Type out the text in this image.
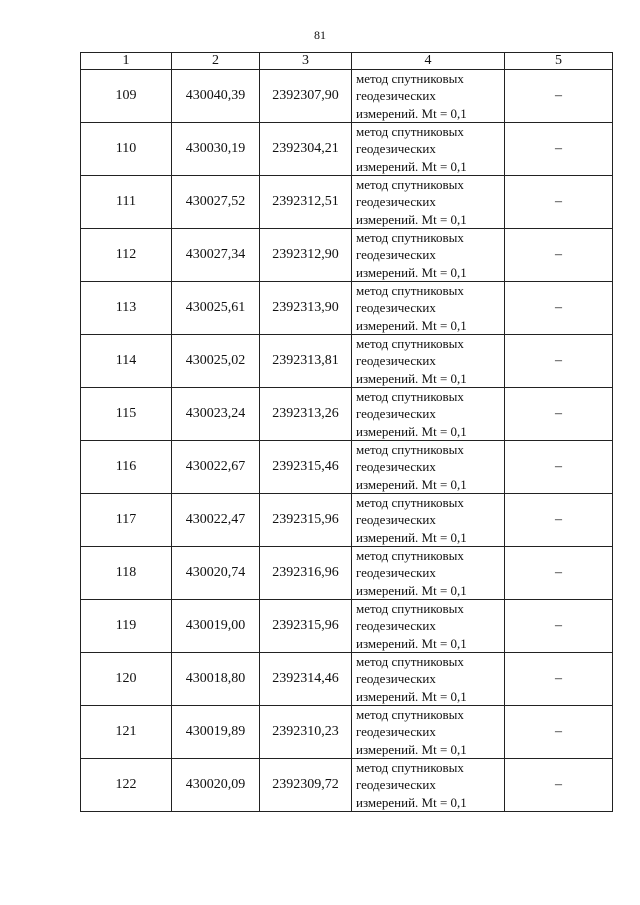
81
1	2	3	4	5
109	430040,39	2392307,90	метод спутниковых
геодезических
измерений. Mt = 0,1	–
110	430030,19	2392304,21	метод спутниковых
геодезических
измерений. Mt = 0,1	–
111	430027,52	2392312,51	метод спутниковых
геодезических
измерений. Mt = 0,1	–
112	430027,34	2392312,90	метод спутниковых
геодезических
измерений. Mt = 0,1	–
113	430025,61	2392313,90	метод спутниковых
геодезических
измерений. Mt = 0,1	–
114	430025,02	2392313,81	метод спутниковых
геодезических
измерений. Mt = 0,1	–
115	430023,24	2392313,26	метод спутниковых
геодезических
измерений. Mt = 0,1	–
116	430022,67	2392315,46	метод спутниковых
геодезических
измерений. Mt = 0,1	–
117	430022,47	2392315,96	метод спутниковых
геодезических
измерений. Mt = 0,1	–
118	430020,74	2392316,96	метод спутниковых
геодезических
измерений. Mt = 0,1	–
119	430019,00	2392315,96	метод спутниковых
геодезических
измерений. Mt = 0,1	–
120	430018,80	2392314,46	метод спутниковых
геодезических
измерений. Mt = 0,1	–
121	430019,89	2392310,23	метод спутниковых
геодезических
измерений. Mt = 0,1	–
122	430020,09	2392309,72	метод спутниковых
геодезических
измерений. Mt = 0,1	–
